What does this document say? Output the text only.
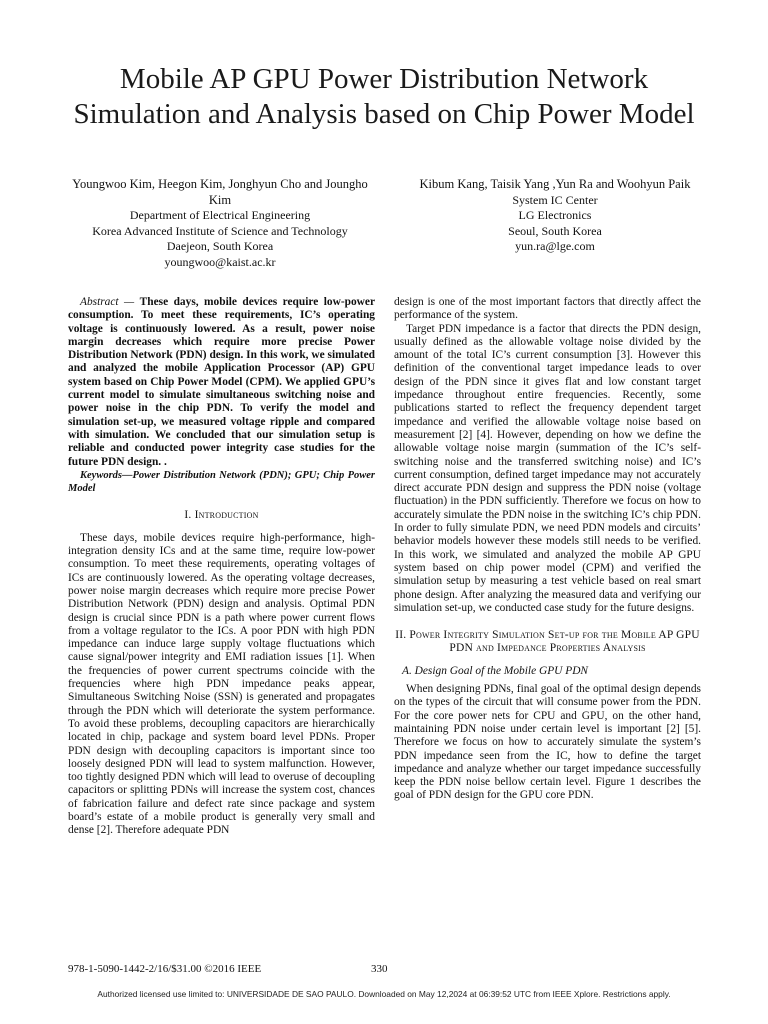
Mobile AP GPU Power Distribution Network
Simulation and Analysis based on Chip Power Model
Youngwoo Kim, Heegon Kim, Jonghyun Cho and Joungho Kim
Department of Electrical Engineering
Korea Advanced Institute of Science and Technology
Daejeon, South Korea
youngwoo@kaist.ac.kr
Kibum Kang, Taisik Yang ,Yun Ra and Woohyun Paik
System IC Center
LG Electronics
Seoul, South Korea
yun.ra@lge.com

Abstract — These days, mobile devices require low-power consumption. To meet these requirements, IC’s operating voltage is continuously lowered. As a result, power noise margin decreases which require more precise Power Distribution Network (PDN) design. In this work, we simulated and analyzed the mobile Application Processor (AP) GPU system based on Chip Power Model (CPM). We applied GPU’s current model to simulate simultaneous switching noise and power noise in the chip PDN. To verify the model and simulation set-up, we measured voltage ripple and compared with simulation. We concluded that our simulation setup is reliable and conducted power integrity case studies for the future PDN design. .

Keywords—Power Distribution Network (PDN); GPU; Chip Power Model

I. Introduction

These days, mobile devices require high-performance, high-integration density ICs and at the same time, require low-power consumption. To meet these requirements, operating voltages of ICs are continuously lowered. As the operating voltage decreases, power noise margin decreases which require more precise Power Distribution Network (PDN) design and analysis. Optimal PDN design is crucial since PDN is a path where power current flows from a voltage regulator to the ICs. A poor PDN with high PDN impedance can induce large supply voltage fluctuations which cause signal/power integrity and EMI radiation issues [1]. When the frequencies of power current spectrums coincide with the frequencies where high PDN impedance peaks appear, Simultaneous Switching Noise (SSN) is generated and propagates through the PDN which will deteriorate the system performance. To avoid these problems, decoupling capacitors are hierarchically located in chip, package and system board level PDNs. Proper PDN design with decoupling capacitors is important since too loosely designed PDN will lead to system malfunction. However, too tightly designed PDN which will lead to overuse of decoupling capacitors or splitting PDNs will increase the system cost, chances of fabrication failure and defect rate since package and system board’s estate of a mobile product is generally very small and dense [2]. Therefore adequate PDN

design is one of the most important factors that directly affect the performance of the system.

Target PDN impedance is a factor that directs the PDN design, usually defined as the allowable voltage noise divided by the amount of the total IC’s current consumption [3]. However this definition of the conventional target impedance leads to over design of the PDN since it gives flat and low constant target impedance throughout entire frequencies. Recently, some publications started to reflect the frequency dependent target impedance and verified the allowable voltage noise based on measurement [2] [4]. However, depending on how we define the allowable voltage noise margin (summation of the IC’s self-switching noise and the transferred switching noise) and IC’s current consumption, defined target impedance may not accurately direct accurate PDN design and suppress the PDN noise (voltage fluctuation) in the PDN sufficiently. Therefore we focus on how to accurately simulate the PDN noise in the switching IC’s chip PDN. In order to fully simulate PDN, we need PDN models and circuits’ behavior models however these models still needs to be verified. In this work, we simulated and analyzed the mobile AP GPU system based on chip power model (CPM) and verified the simulation setup by measuring a test vehicle based on real smart phone design. After analyzing the measured data and verifying our simulation set-up, we conducted case study for the future designs.

II. Power Integrity Simulation Set-up for the Mobile AP GPU PDN and Impedance Properties Analysis
A. Design Goal of the Mobile GPU PDN

When designing PDNs, final goal of the optimal design depends on the types of the circuit that will consume power from the PDN. For the core power nets for CPU and GPU, on the other hand, maintaining PDN noise under certain level is important [2] [5]. Therefore we focus on how to accurately simulate the system’s PDN impedance seen from the IC, how to define the target impedance and analyze whether our target impedance successfully keep the PDN noise bellow certain level. Figure 1 describes the goal of PDN design for the GPU core PDN.

978-1-5090-1442-2/16/$31.00 ©2016 IEEE	330
Authorized licensed use limited to: UNIVERSIDADE DE SAO PAULO. Downloaded on May 12,2024 at 06:39:52 UTC from IEEE Xplore. Restrictions apply.
